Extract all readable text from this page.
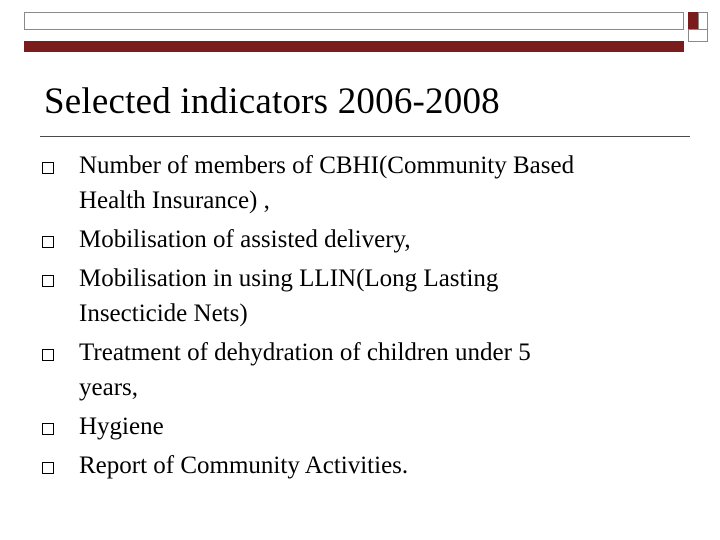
Selected indicators 2006-2008
Number of members of CBHI(Community Based
Health Insurance) ,
Mobilisation of assisted delivery,
Mobilisation in using LLIN(Long Lasting
Insecticide Nets)
Treatment of dehydration of children under 5
years,
Hygiene
Report of Community Activities.
